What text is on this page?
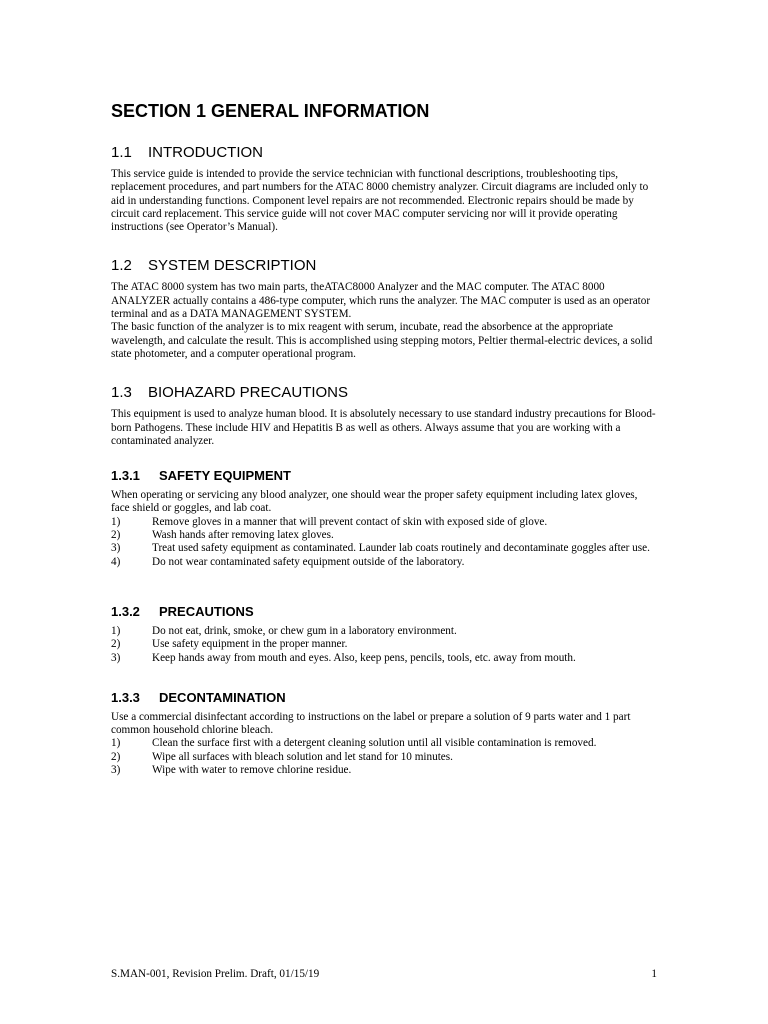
SECTION 1 GENERAL INFORMATION
1.1 INTRODUCTION

This service guide is intended to provide the service technician with functional descriptions, troubleshooting tips, replacement procedures, and part numbers for the ATAC 8000 chemistry analyzer. Circuit diagrams are included only to aid in understanding functions. Component level repairs are not recommended. Electronic repairs should be made by circuit card replacement. This service guide will not cover MAC computer servicing nor will it provide operating instructions (see Operator’s Manual).

1.2 SYSTEM DESCRIPTION

The ATAC 8000 system has two main parts, theATAC8000 Analyzer and the MAC computer. The ATAC 8000 ANALYZER actually contains a 486-type computer, which runs the analyzer. The MAC computer is used as an operator terminal and as a DATA MANAGEMENT SYSTEM.

The basic function of the analyzer is to mix reagent with serum, incubate, read the absorbence at the appropriate wavelength, and calculate the result. This is accomplished using stepping motors, Peltier thermal-electric devices, a solid state photometer, and a computer operational program.

1.3 BIOHAZARD PRECAUTIONS

This equipment is used to analyze human blood. It is absolutely necessary to use standard industry precautions for Blood-born Pathogens. These include HIV and Hepatitis B as well as others. Always assume that you are working with a contaminated analyzer.

1.3.1 SAFETY EQUIPMENT

When operating or servicing any blood analyzer, one should wear the proper safety equipment including latex gloves, face shield or goggles, and lab coat.

1)	Remove gloves in a manner that will prevent contact of skin with exposed side of glove.
2)	Wash hands after removing latex gloves.
3)	Treat used safety equipment as contaminated. Launder lab coats routinely and decontaminate goggles after use.
4)	Do not wear contaminated safety equipment outside of the laboratory.
1.3.2 PRECAUTIONS
1)	Do not eat, drink, smoke, or chew gum in a laboratory environment.
2)	Use safety equipment in the proper manner.
3)	Keep hands away from mouth and eyes. Also, keep pens, pencils, tools, etc. away from mouth.
1.3.3 DECONTAMINATION

Use a commercial disinfectant according to instructions on the label or prepare a solution of 9 parts water and 1 part common household chlorine bleach.

1)	Clean the surface first with a detergent cleaning solution until all visible contamination is removed.
2)	Wipe all surfaces with bleach solution and let stand for 10 minutes.
3)	Wipe with water to remove chlorine residue.
S.MAN-001, Revision Prelim. Draft, 01/15/19	1
